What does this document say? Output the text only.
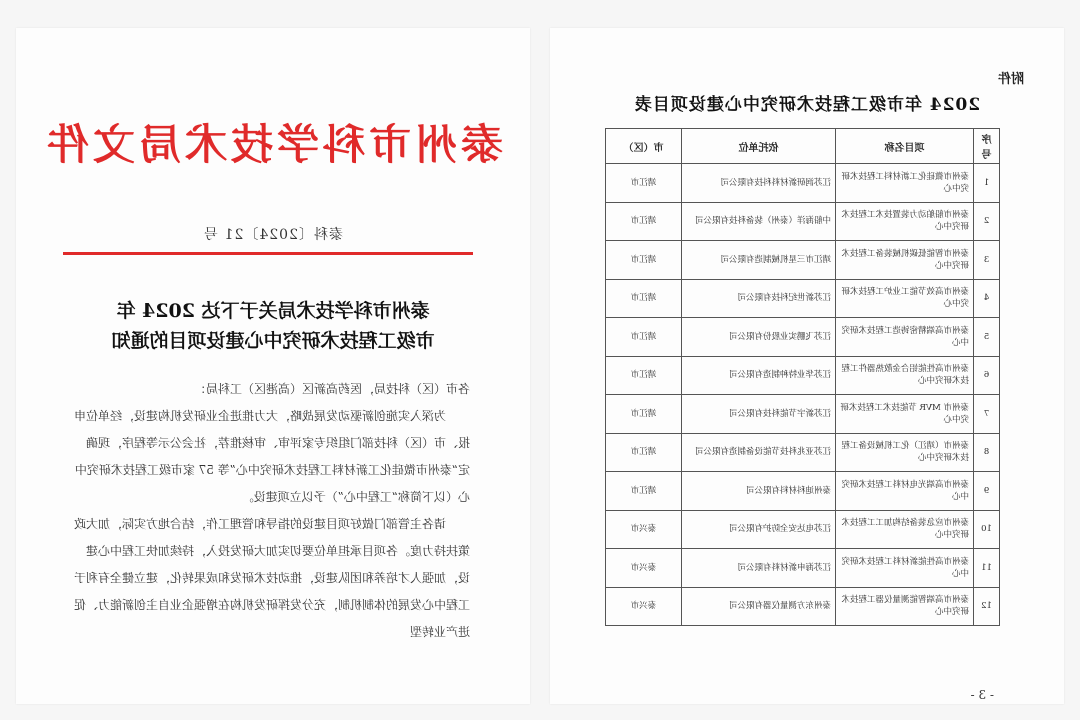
附件
2024 年市级工程技术研究中心建设项目表
序号	项目名称	依托单位	市（区）
1	泰州市微硅化工新材料工程技术研究中心	江苏润研新材料科技有限公司	靖江市
2	泰州市船舶动力装置技术工程技术研究中心	中船海洋（泰州）装备科技有限公司	靖江市
3	泰州市智能低碳机械装备工程技术研究中心	靖江市三星机械制造有限公司	靖江市
4	泰州市高效节能工业炉工程技术研究中心	江苏新世纪科技有限公司	靖江市
5	泰州市高端精密铸造工程技术研究中心	江苏飞鹏实业股份有限公司	靖江市
6	泰州市高性能铝合金散热器件工程技术研究中心	江苏华业特种制造有限公司	靖江市
7	泰州市 MVR 节能技术工程技术研究中心	江苏新宇节能科技有限公司	靖江市
8	泰州市（靖江）化工机械设备工程技术研究中心	江苏亚兆科技节能设备制造有限公司	靖江市
9	泰州市高端光电材料工程技术研究中心	泰州迪科材料有限公司	靖江市
10	泰州市应急装备结构加工工程技术研究中心	江苏电达安全防护有限公司	泰兴市
11	泰州市高性能新材料工程技术研究中心	江苏海申新材料有限公司	泰兴市
12	泰州市高端智能测量仪器工程技术研究中心	泰州东方测量仪器有限公司	泰兴市
- 3 -
泰州市科学技术局文件
泰科〔2024〕21 号
泰州市科学技术局关于下达 2024 年
市级工程技术研究中心建设项目的通知

各市（区）科技局，医药高新区（高港区）工科局：

为深入实施创新驱动发展战略，大力推进企业研发机构建设，经单位申报、市（区）科技部门组织专家评审、审核推荐，社会公示等程序，现确定“泰州市微硅化工新材料工程技术研究中心”等 57 家市级工程技术研究中心（以下简称“工程中心”）予以立项建设。

请各主管部门做好项目建设的指导和管理工作，结合地方实际，加大政策扶持力度。各项目承担单位要切实加大研发投入，持续加快工程中心建设，加强人才培养和团队建设，推动技术研发和成果转化，建立健全有利于工程中心发展的体制机制，充分发挥研发机构在增强企业自主创新能力、促进产业转型
